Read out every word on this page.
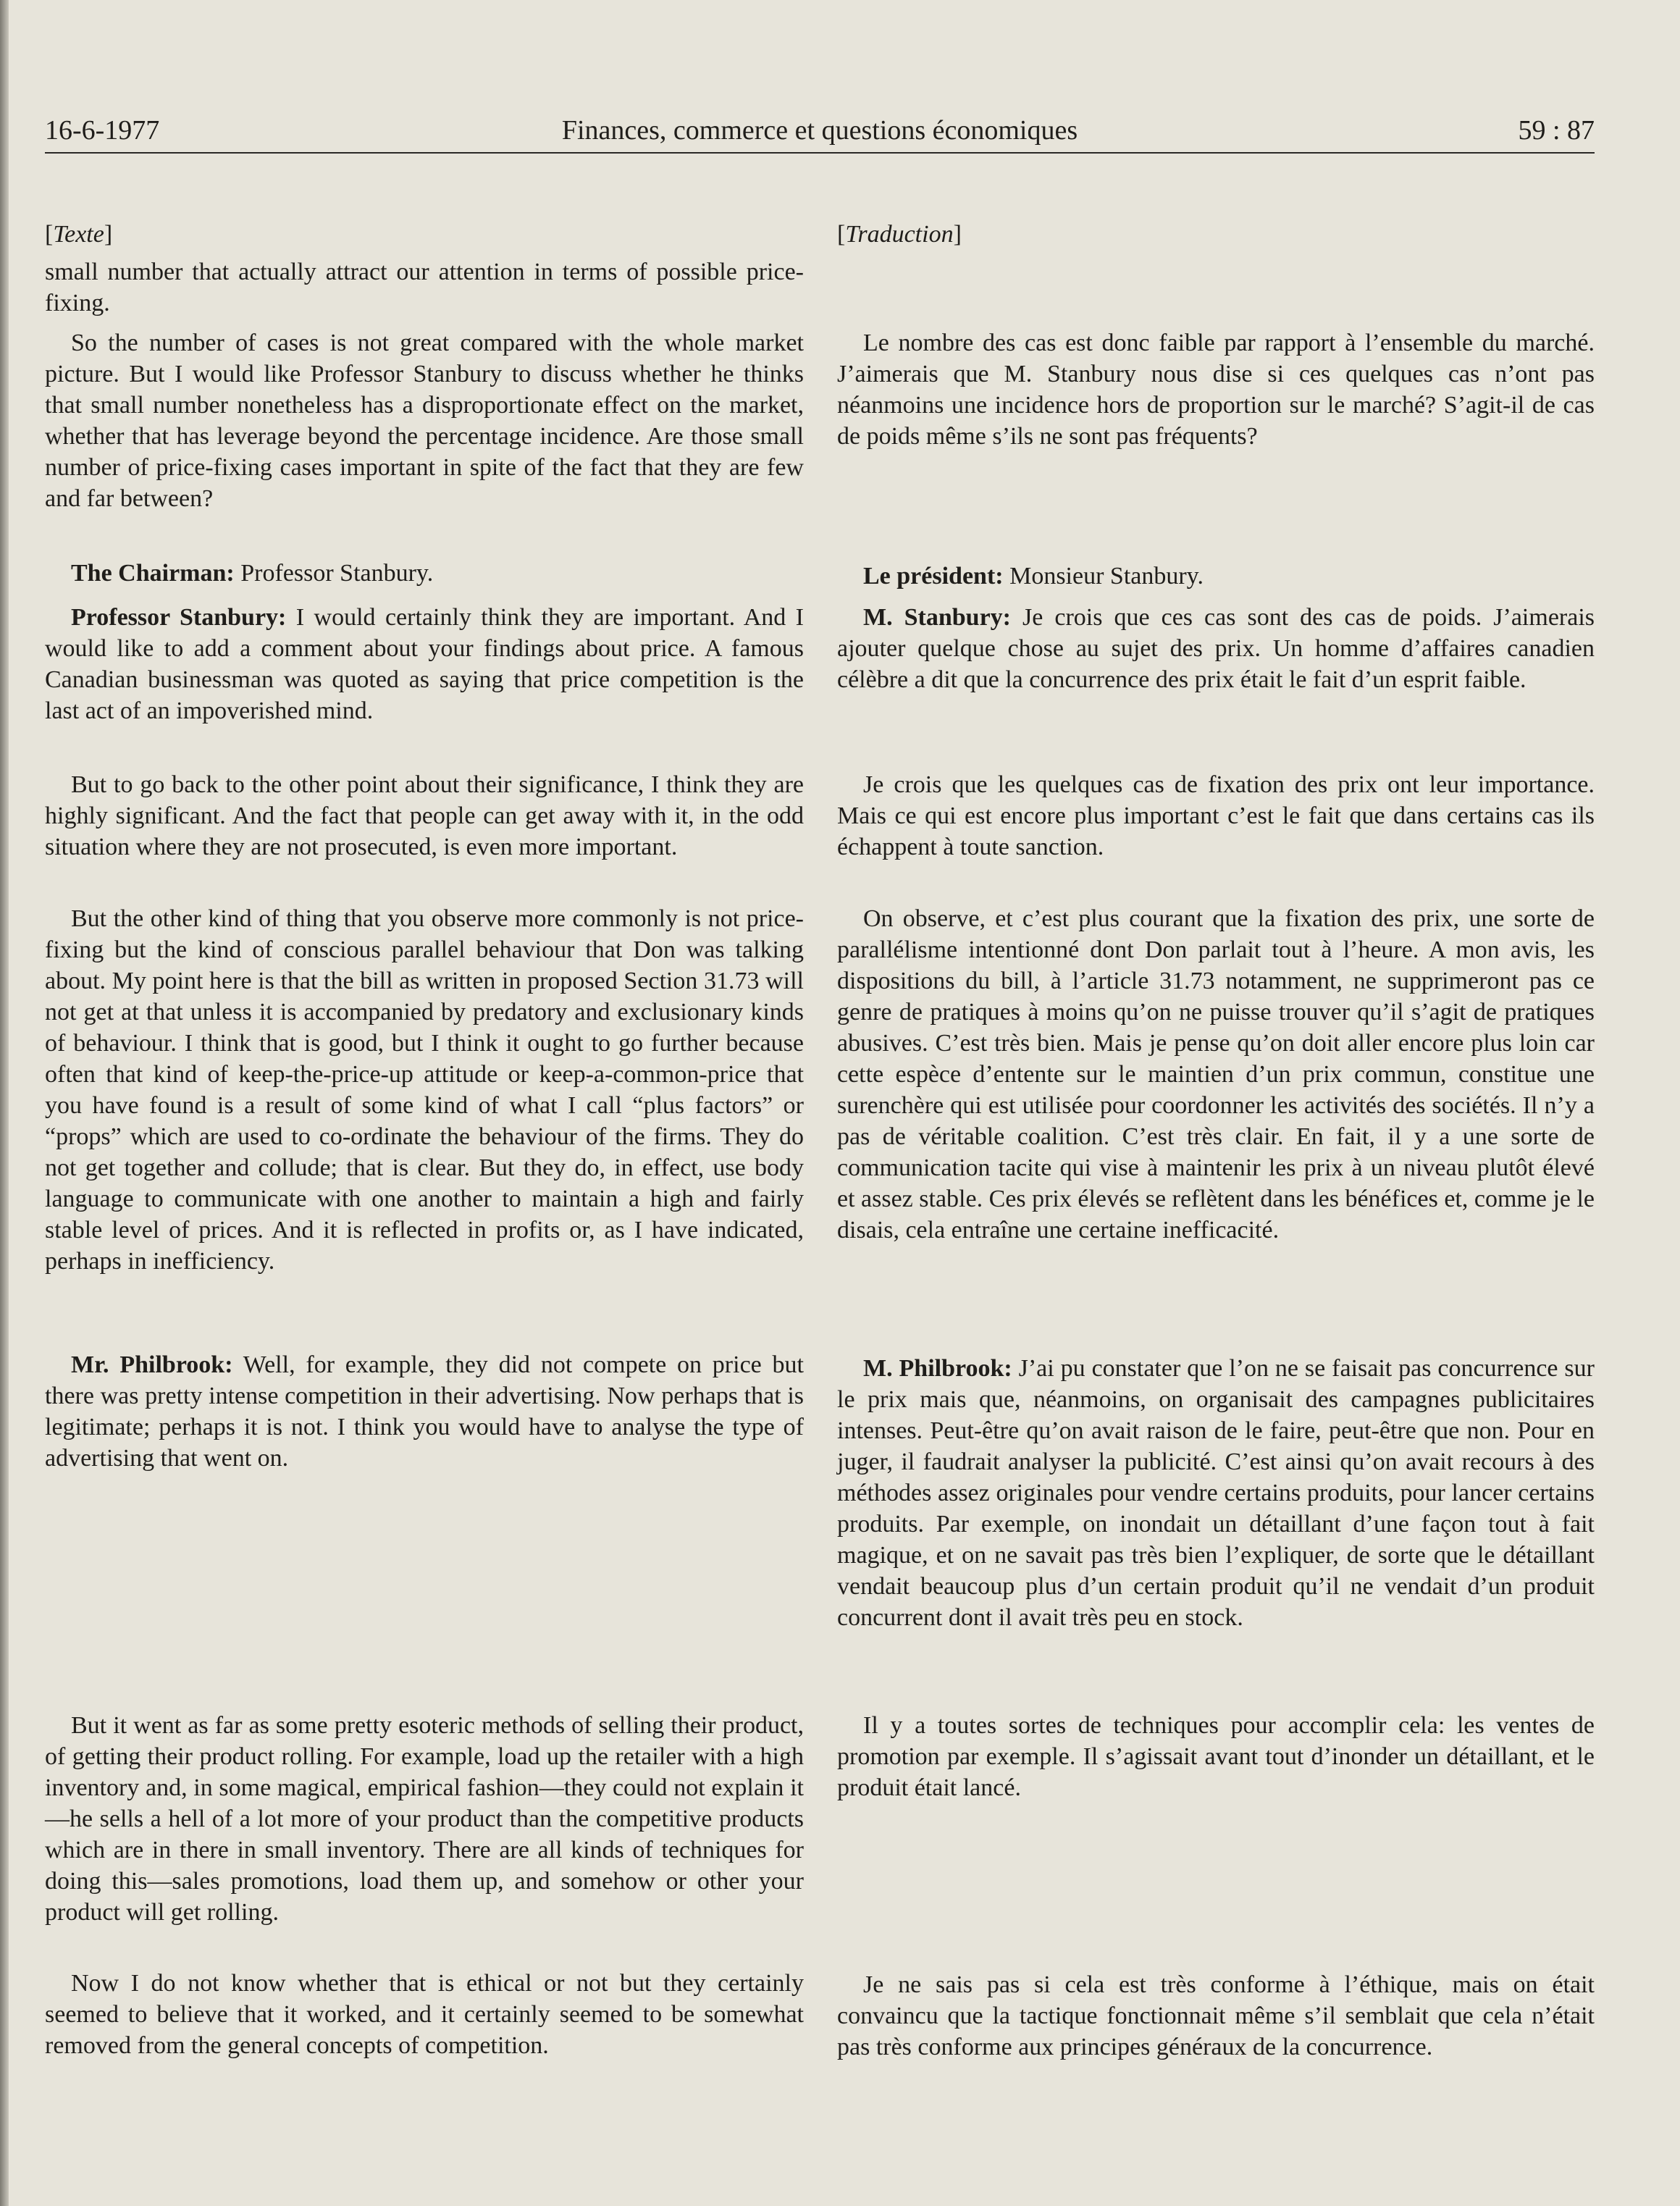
16-6-1977	Finances, commerce et questions économiques	59 : 87

[Texte]

small number that actually attract our attention in terms of possible price-fixing.

So the number of cases is not great compared with the whole market picture. But I would like Professor Stanbury to discuss whether he thinks that small number nonetheless has a disproportionate effect on the market, whether that has leverage beyond the percentage incidence. Are those small number of price-fixing cases important in spite of the fact that they are few and far between?

The Chairman: Professor Stanbury.

Professor Stanbury: I would certainly think they are important. And I would like to add a comment about your findings about price. A famous Canadian businessman was quoted as saying that price competition is the last act of an impoverished mind.

But to go back to the other point about their significance, I think they are highly significant. And the fact that people can get away with it, in the odd situation where they are not prosecuted, is even more important.

But the other kind of thing that you observe more commonly is not price-fixing but the kind of conscious parallel behaviour that Don was talking about. My point here is that the bill as written in proposed Section 31.73 will not get at that unless it is accompanied by predatory and exclusionary kinds of behaviour. I think that is good, but I think it ought to go further because often that kind of keep-the-price-up attitude or keep-a-common-price that you have found is a result of some kind of what I call “plus factors” or “props” which are used to co-ordinate the behaviour of the firms. They do not get together and collude; that is clear. But they do, in effect, use body language to communicate with one another to maintain a high and fairly stable level of prices. And it is reflected in profits or, as I have indicated, perhaps in inefficiency.

Mr. Philbrook: Well, for example, they did not compete on price but there was pretty intense competition in their advertising. Now perhaps that is legitimate; perhaps it is not. I think you would have to analyse the type of advertising that went on.

But it went as far as some pretty esoteric methods of selling their product, of getting their product rolling. For example, load up the retailer with a high inventory and, in some magical, empirical fashion—they could not explain it—he sells a hell of a lot more of your product than the competitive products which are in there in small inventory. There are all kinds of techniques for doing this—sales promotions, load them up, and somehow or other your product will get rolling.

Now I do not know whether that is ethical or not but they certainly seemed to believe that it worked, and it certainly seemed to be somewhat removed from the general concepts of competition.

[Traduction]

Le nombre des cas est donc faible par rapport à l’ensemble du marché. J’aimerais que M. Stanbury nous dise si ces quelques cas n’ont pas néanmoins une incidence hors de proportion sur le marché? S’agit-il de cas de poids même s’ils ne sont pas fréquents?

Le président: Monsieur Stanbury.

M. Stanbury: Je crois que ces cas sont des cas de poids. J’aimerais ajouter quelque chose au sujet des prix. Un homme d’affaires canadien célèbre a dit que la concurrence des prix était le fait d’un esprit faible.

Je crois que les quelques cas de fixation des prix ont leur importance. Mais ce qui est encore plus important c’est le fait que dans certains cas ils échappent à toute sanction.

On observe, et c’est plus courant que la fixation des prix, une sorte de parallélisme intentionné dont Don parlait tout à l’heure. A mon avis, les dispositions du bill, à l’article 31.73 notamment, ne supprimeront pas ce genre de pratiques à moins qu’on ne puisse trouver qu’il s’agit de pratiques abusives. C’est très bien. Mais je pense qu’on doit aller encore plus loin car cette espèce d’entente sur le maintien d’un prix commun, constitue une surenchère qui est utilisée pour coordonner les activités des sociétés. Il n’y a pas de véritable coalition. C’est très clair. En fait, il y a une sorte de communication tacite qui vise à maintenir les prix à un niveau plutôt élevé et assez stable. Ces prix élevés se reflètent dans les bénéfices et, comme je le disais, cela entraîne une certaine inefficacité.

M. Philbrook: J’ai pu constater que l’on ne se faisait pas concurrence sur le prix mais que, néanmoins, on organisait des campagnes publicitaires intenses. Peut-être qu’on avait raison de le faire, peut-être que non. Pour en juger, il faudrait analyser la publicité. C’est ainsi qu’on avait recours à des méthodes assez originales pour vendre certains produits, pour lancer certains produits. Par exemple, on inondait un détaillant d’une façon tout à fait magique, et on ne savait pas très bien l’expliquer, de sorte que le détaillant vendait beaucoup plus d’un certain produit qu’il ne vendait d’un produit concurrent dont il avait très peu en stock.

Il y a toutes sortes de techniques pour accomplir cela: les ventes de promotion par exemple. Il s’agissait avant tout d’inonder un détaillant, et le produit était lancé.

Je ne sais pas si cela est très conforme à l’éthique, mais on était convaincu que la tactique fonctionnait même s’il semblait que cela n’était pas très conforme aux principes généraux de la concurrence.
